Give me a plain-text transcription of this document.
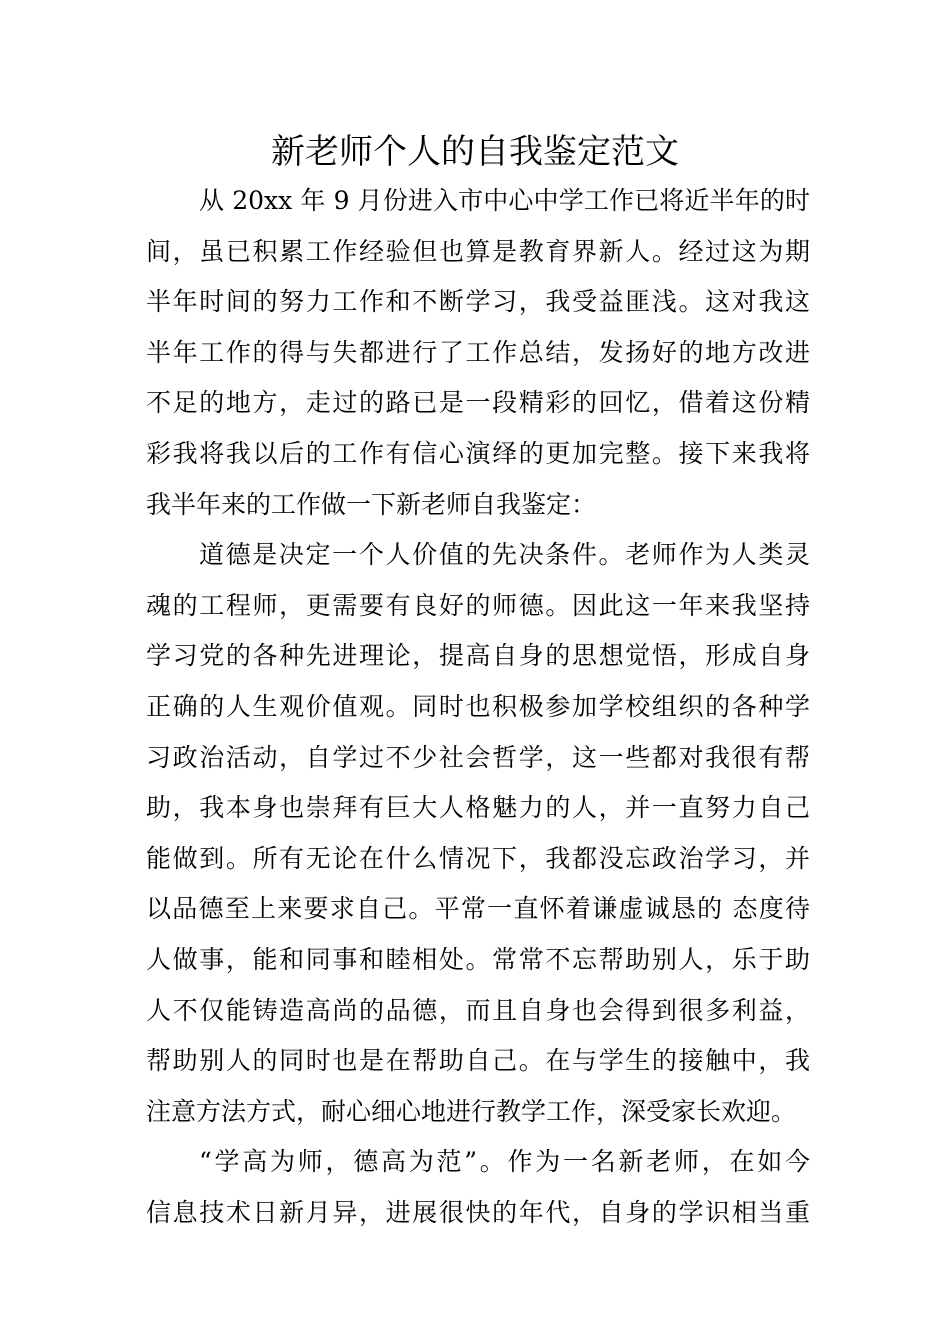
新老师个人的自我鉴定范文
从 20xx 年 9 月份进入市中心中学工作已将近半年的时
间，虽已积累工作经验但也算是教育界新人。经过这为期
半年时间的努力工作和不断学习，我受益匪浅。这对我这
半年工作的得与失都进行了工作总结，发扬好的地方改进
不足的地方，走过的路已是一段精彩的回忆，借着这份精
彩我将我以后的工作有信心演绎的更加完整。接下来我将
我半年来的工作做一下新老师自我鉴定：
道德是决定一个人价值的先决条件。老师作为人类灵
魂的工程师，更需要有良好的师德。因此这一年来我坚持
学习党的各种先进理论，提高自身的思想觉悟，形成自身
正确的人生观价值观。同时也积极参加学校组织的各种学
习政治活动，自学过不少社会哲学，这一些都对我很有帮
助，我本身也崇拜有巨大人格魅力的人，并一直努力自己
能做到。所有无论在什么情况下，我都没忘政治学习，并
以品德至上来要求自己。平常一直怀着谦虚诚恳的 态度待
人做事，能和同事和睦相处。常常不忘帮助别人，乐于助
人不仅能铸造高尚的品德，而且自身也会得到很多利益，
帮助别人的同时也是在帮助自己。在与学生的接触中，我
注意方法方式，耐心细心地进行教学工作，深受家长欢迎。
“学高为师，德高为范”。作为一名新老师，在如今
信息技术日新月异，进展很快的年代，自身的学识相当重
